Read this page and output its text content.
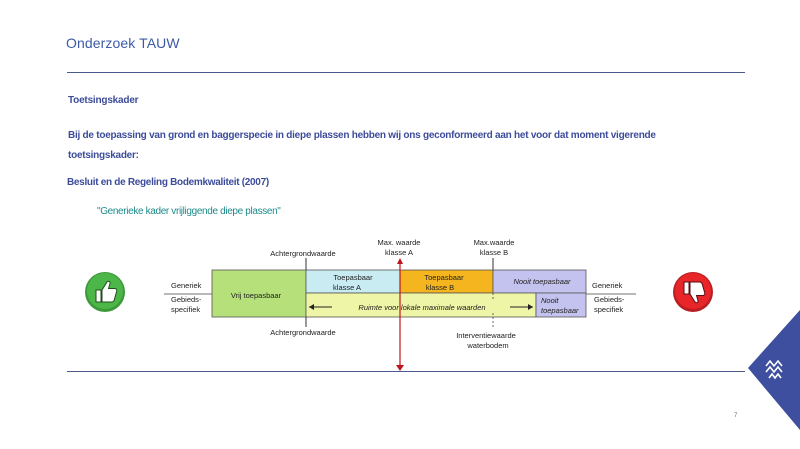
Onderzoek TAUW
Toetsingskader
Bij de toepassing van grond en baggerspecie in diepe plassen hebben wij ons geconformeerd aan het voor dat moment vigerende
toetsingskader:
Besluit en de Regeling Bodemkwaliteit (2007)
"Generieke kader vrijliggende diepe plassen"
Achtergrondwaarde
Max. waarde
klasse A
Max.waarde
klasse B
Generiek
Gebieds-
specifiek
Generiek
Gebieds-
specifiek
Vrij toepasbaar
Toepasbaar
klasse A
Toepasbaar
klasse B
Nooit toepasbaar
Ruimte voor lokale maximale waarden
Nooit
toepasbaar
Achtergrondwaarde	Interventiewaarde
waterbodem
7
